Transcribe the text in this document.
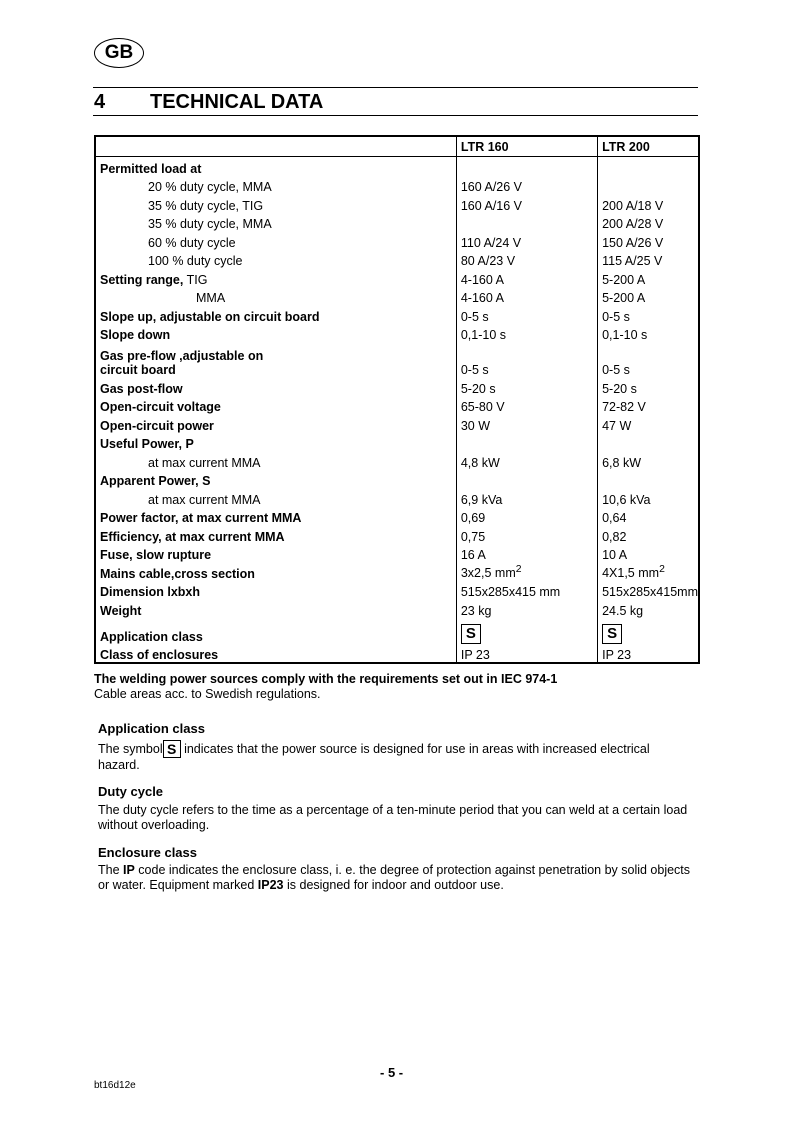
GB
4 TECHNICAL DATA
	LTR 160	LTR 200
Permitted load at		
20 % duty cycle, MMA	160 A/26 V	
35 % duty cycle, TIG	160 A/16 V	200 A/18 V
35 % duty cycle, MMA		200 A/28 V
60 % duty cycle	110 A/24 V	150 A/26 V
100 % duty cycle	80 A/23 V	115 A/25 V
Setting range, TIG	4-160 A	5-200 A
MMA	4-160 A	5-200 A
Slope up, adjustable on circuit board	0-5 s	0-5 s
Slope down	0,1-10 s	0,1-10 s
Gas pre-flow ,adjustable on
circuit board	0-5 s	0-5 s
Gas post-flow	5-20 s	5-20 s
Open-circuit voltage	65-80 V	72-82 V
Open-circuit power	30 W	47 W
Useful Power, P		
at max current MMA	4,8 kW	6,8 kW
Apparent Power, S		
at max current MMA	6,9 kVa	10,6 kVa
Power factor, at max current MMA	0,69	0,64
Efficiency, at max current MMA	0,75	0,82
Fuse, slow rupture	16 A	10 A
Mains cable,cross section	3x2,5 $mm^2$	4X1,5 $mm^2$
Dimension lxbxh	515x285x415 mm	515x285x415mm
Weight	23 kg	24.5 kg
Application class	S	S
Class of enclosures	IP 23	IP 23

The welding power sources comply with the requirements set out in IEC 974-1

Cable areas acc. to Swedish regulations.

Application class

The symbol S indicates that the power source is designed for use in areas with increased electrical hazard.

Duty cycle

The duty cycle refers to the time as a percentage of a ten-minute period that you can weld at a certain load without overloading.

Enclosure class

The IP code indicates the enclosure class, i. e. the degree of protection against penetration by solid objects or water. Equipment marked IP23 is designed for indoor and outdoor use.

- 5 -
bt16d12e
